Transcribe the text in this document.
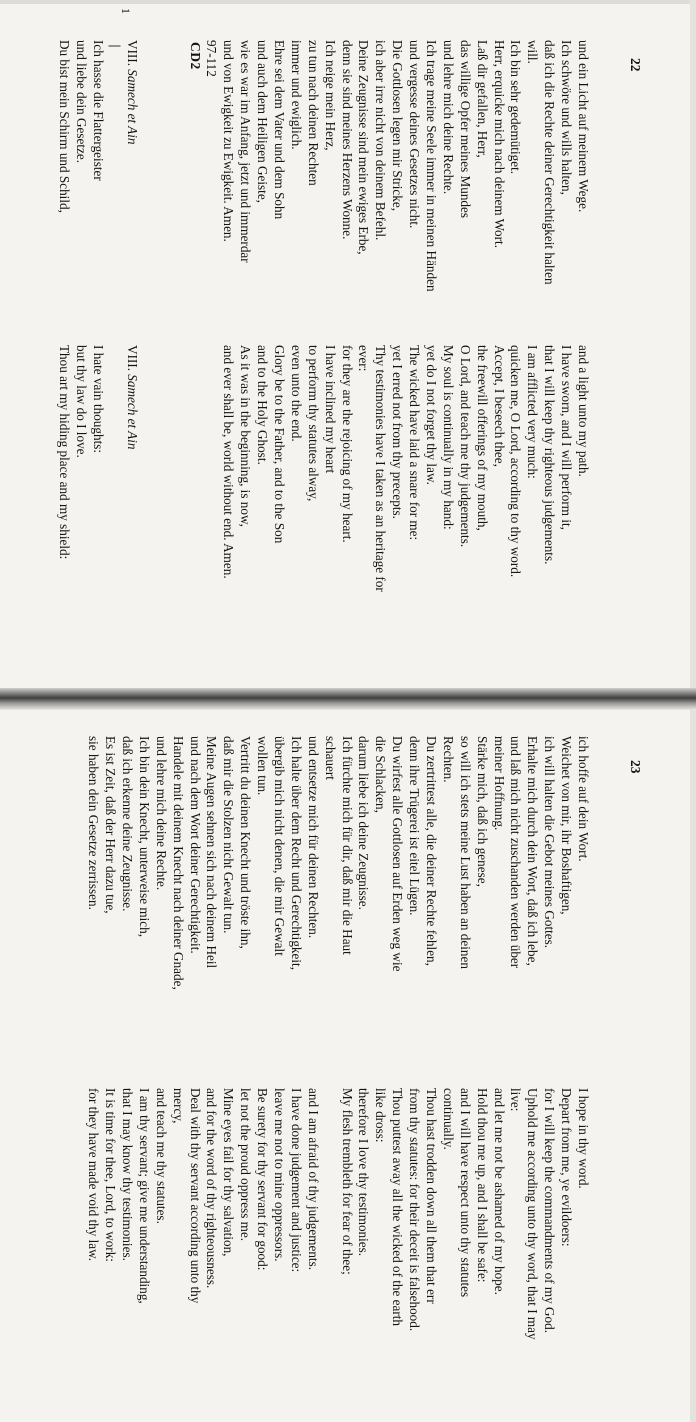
22
und ein Licht auf meinem Wege.
Ich schwöre und wills halten,
daß ich die Rechte deiner Gerechtigkeit halten
will.
Ich bin sehr gedemütiget.
Herr, erquicke mich nach deinem Wort.
Laß dir gefallen, Herr,
das willige Opfer meines Mundes
und lehre mich deine Rechte.
Ich trage meine Seele immer in meinen Händen
und vergesse deines Gesetzes nicht.
Die Gottlosen legen mir Stricke,
ich aber irre nicht von deinem Befehl.
Deine Zeugnisse sind mein ewiges Erbe,
denn sie sind meines Herzens Wonne.
Ich neige mein Herz,
zu tun nach deinen Rechten
immer und ewiglich.
Ehre sei dem Vater und dem Sohn
und auch dem Heiligen Geiste,
wie es war im Anfang, jetzt und immerdar
und von Ewigkeit zu Ewigkeit. Amen.
97-112
CD2
1
VIII. Samech et Ain
Ich hasse die Flattergeister
und liebe dein Gesetze.
Du bist mein Schirm und Schild,
and a light unto my path.
I have sworn, and I will perform it,
that I will keep thy righteous judgements.
I am afflicted very much:
quicken me, O Lord, according to thy word.
Accept, I beseech thee,
the freewill offerings of my mouth,
O Lord, and teach me thy judgements.
My soul is continually in my hand:
yet do I not forget thy law.
The wicked have laid a snare for me:
yet I erred not from thy precepts.
Thy testimonies have I taken as an heritage for
ever:
for they are the rejoicing of my heart.
I have inclined my heart
to perform thy statutes alway,
even unto the end.
Glory be to the Father, and to the Son
and to the Holy Ghost.
As it was in the beginning, is now,
and ever shall be, world without end. Amen.
VIII. Samech et Ain
I hate vain thoughts:
but thy law do I love.
Thou art my hiding place and my shield:
23
ich hoffe auf dein Wort.
Weichet von mir, ihr Boshaftigen,
ich will halten die Gebot meines Gottes.
Erhalte mich durch dein Wort, daß ich lebe,
und laß mich nicht zuschanden werden über
meiner Hoffnung.
Stärke mich, daß ich genese,
so will ich stets meine Lust haben an deinen
Rechten.
Du zertrittest alle, die deiner Rechte fehlen,
denn ihre Trügerei ist eitel Lügen.
Du wirfest alle Gottlosen auf Erden weg wie
die Schlacken,
darum liebe ich deine Zeugnisse.
Ich fürchte mich für dir, daß mir die Haut
schauert
und entsetze mich für deinen Rechten.
Ich halte über dem Recht und Gerechtigkeit,
übergib mich nicht denen, die mir Gewalt
wollen tun.
Vertritt du deinen Knecht und tröste ihn,
daß mir die Stolzen nicht Gewalt tun.
Meine Augen sehnen sich nach deinem Heil
und nach dem Wort deiner Gerechtigkeit.
Handele mit deinem Knecht nach deiner Gnade,
und lehre mich deine Rechte.
Ich bin dein Knecht, unterweise mich,
daß ich erkenne deine Zeugnisse.
Es ist Zeit, daß der Herr dazu tue,
sie haben dein Gesetze zerrissen.
I hope in thy word.
Depart from me, ye evildoers:
for I will keep the commandments of my God.
Uphold me according unto thy word, that I may
live:
and let me not be ashamed of my hope.
Hold thou me up, and I shall be safe:
and I will have respect unto thy statutes
continually.
Thou hast trodden down all them that err
from thy statutes: for their deceit is falsehood.
Thou puttest away all the wicked of the earth
like dross:
therefore I love thy testimonies.
My flesh trembleth for fear of thee;
and I am afraid of thy judgements.
I have done judgement and justice:
leave me not to mine oppressors.
Be surety for thy servant for good:
let not the proud oppress me.
Mine eyes fail for thy salvation,
and for the word of thy righteousness.
Deal with thy servant according unto thy
mercy,
and teach me thy statutes.
I am thy servant; give me understanding,
that I may know thy testimonies.
It is time for thee, Lord, to work:
for they have made void thy law.
